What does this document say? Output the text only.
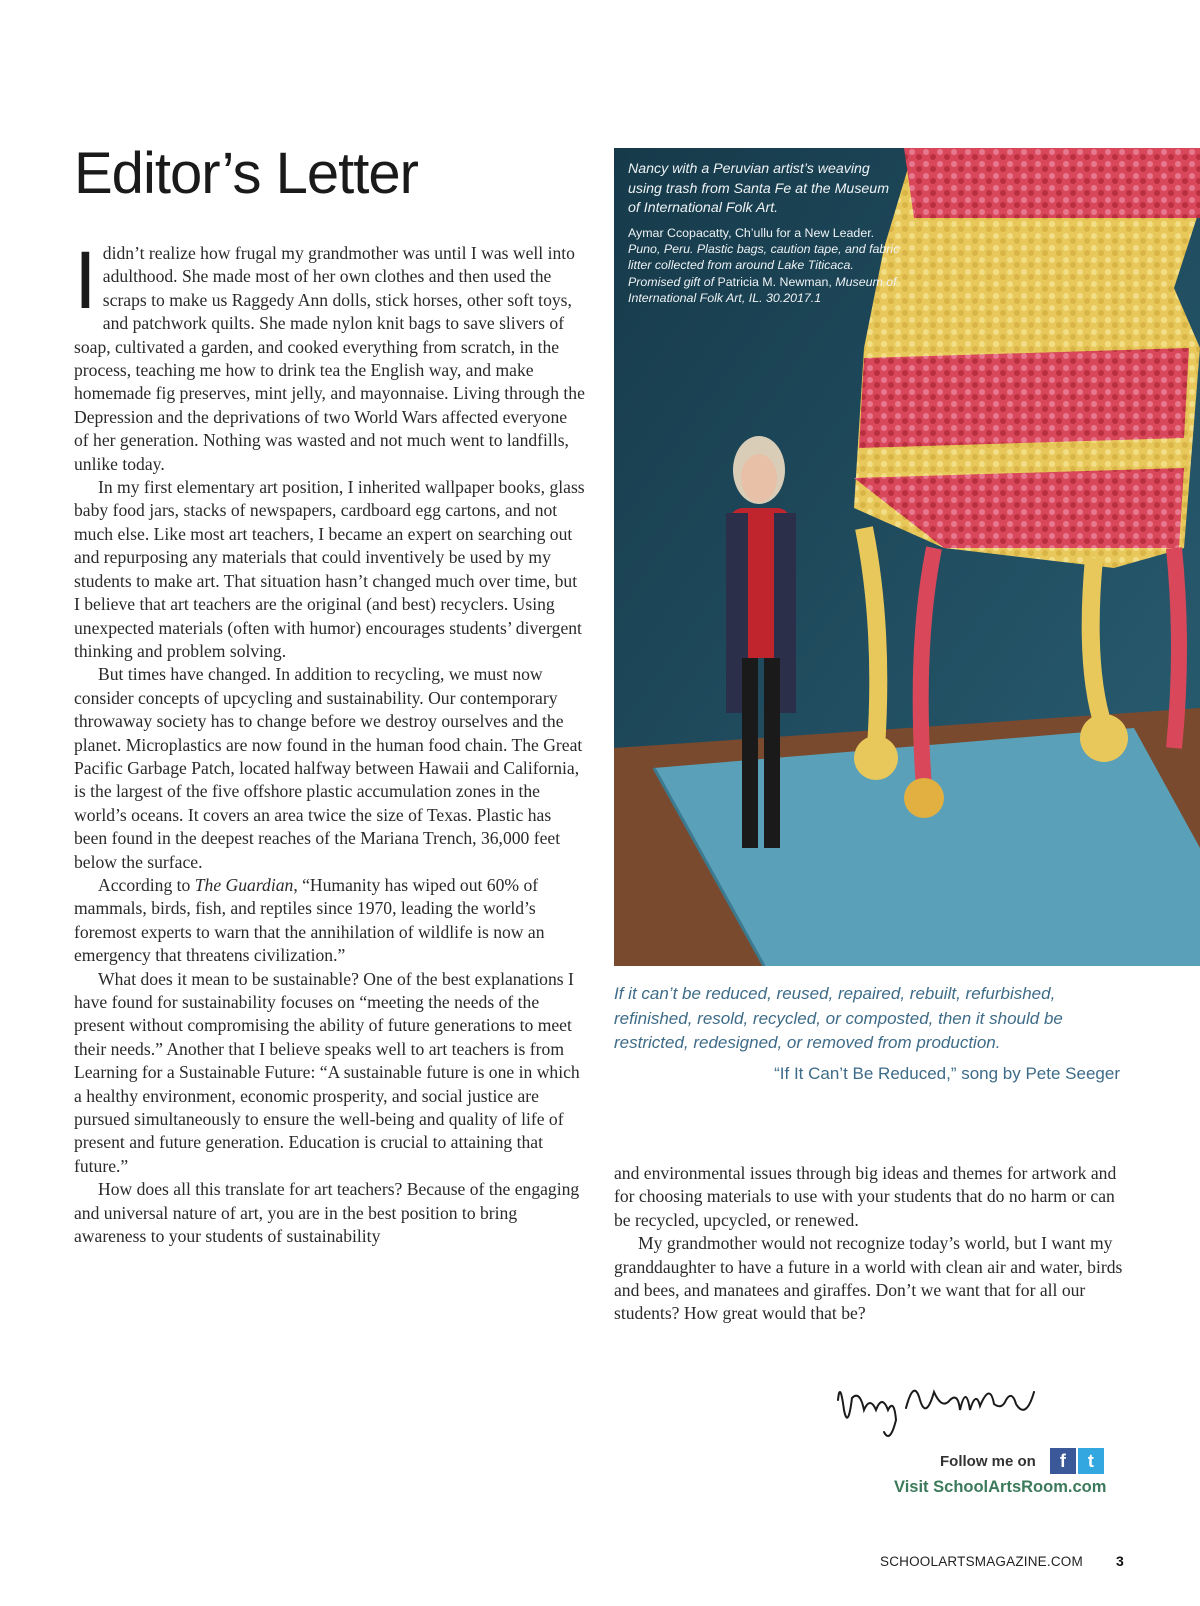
Editor’s Letter

Ididn’t realize how frugal my grandmother was until I was well into adulthood. She made most of her own clothes and then used the scraps to make us Raggedy Ann dolls, stick horses, other soft toys, and patchwork quilts. She made nylon knit bags to save slivers of soap, cultivated a garden, and cooked everything from scratch, in the process, teaching me how to drink tea the English way, and make homemade fig preserves, mint jelly, and mayonnaise. Living through the Depression and the deprivations of two World Wars affected everyone of her generation. Nothing was wasted and not much went to landfills, unlike today.

In my first elementary art position, I inherited wallpaper books, glass baby food jars, stacks of newspapers, cardboard egg cartons, and not much else. Like most art teachers, I became an expert on searching out and repurposing any materials that could inventively be used by my students to make art. That situation hasn’t changed much over time, but I believe that art teachers are the original (and best) recyclers. Using unexpected materials (often with humor) encourages students’ divergent thinking and problem solving.

But times have changed. In addition to recycling, we must now consider concepts of upcycling and sustainability. Our contemporary throwaway society has to change before we destroy ourselves and the planet. Microplastics are now found in the human food chain. The Great Pacific Garbage Patch, located halfway between Hawaii and California, is the largest of the five offshore plastic accumulation zones in the world’s oceans. It covers an area twice the size of Texas. Plastic has been found in the deepest reaches of the Mariana Trench, 36,000 feet below the surface.

According to The Guardian, “Humanity has wiped out 60% of mammals, birds, fish, and reptiles since 1970, leading the world’s foremost experts to warn that the annihilation of wildlife is now an emergency that threatens civilization.”

What does it mean to be sustainable? One of the best explanations I have found for sustainability focuses on “meeting the needs of the present without compromising the ability of future generations to meet their needs.” Another that I believe speaks well to art teachers is from Learning for a Sustainable Future: “A sustainable future is one in which a healthy environment, economic prosperity, and social justice are pursued simultaneously to ensure the well-being and quality of life of present and future generation. Education is crucial to attaining that future.”

How does all this translate for art teachers? Because of the engaging and universal nature of art, you are in the best position to bring awareness to your students of sustainability

Nancy with a Peruvian artist’s weaving using trash from Santa Fe at the Museum of International Folk Art.

Aymar Ccopacatty, Ch’ullu for a New Leader. Puno, Peru. Plastic bags, caution tape, and fabric litter collected from around Lake Titicaca. Promised gift of Patricia M. Newman, Museum of International Folk Art, IL. 30.2017.1

If it can’t be reduced, reused, repaired, rebuilt, refurbished, refinished, resold, recycled, or composted, then it should be restricted, redesigned, or removed from production.

“If It Can’t Be Reduced,” song by Pete Seeger

and environmental issues through big ideas and themes for artwork and for choosing materials to use with your students that do no harm or can be recycled, upcycled, or renewed.

My grandmother would not recognize today’s world, but I want my granddaughter to have a future in a world with clean air and water, birds and bees, and manatees and giraffes. Don’t we want that for all our students? How great would that be?

Follow me on	f	t
Visit SchoolArtsRoom.com
SCHOOLARTSMAGAZINE.COM 3
